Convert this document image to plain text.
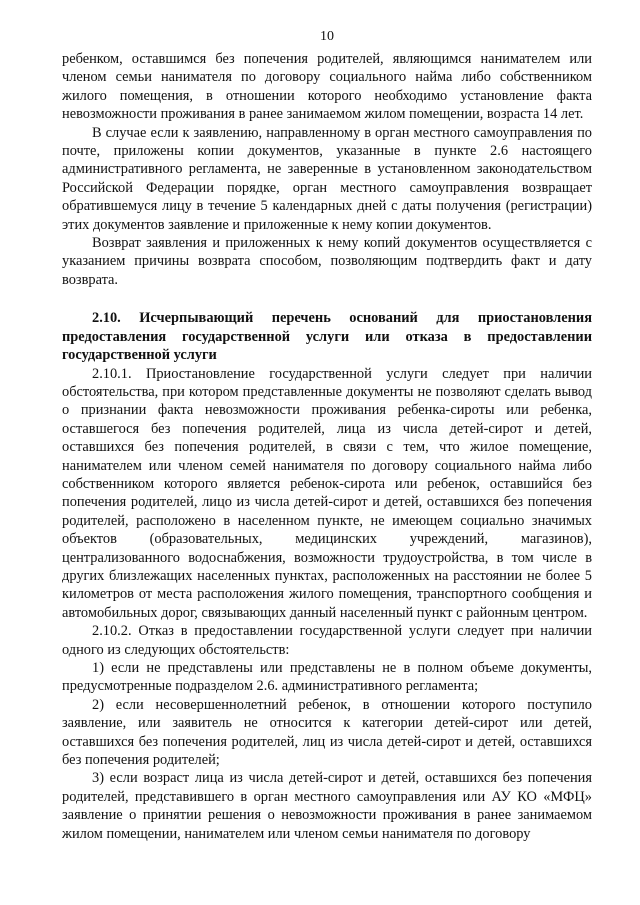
10

ребенком, оставшимся без попечения родителей, являющимся нанимателем или членом семьи нанимателя по договору социального найма либо собственником жилого помещения, в отношении которого необходимо установление факта невозможности проживания в ранее занимаемом жилом помещении, возраста 14 лет.

В случае если к заявлению, направленному в орган местного самоуправления по почте, приложены копии документов, указанные в пункте 2.6 настоящего административного регламента, не заверенные в установленном законодательством Российской Федерации порядке, орган местного самоуправления возвращает обратившемуся лицу в течение 5 календарных дней с даты получения (регистрации) этих документов заявление и приложенные к нему копии документов.

Возврат заявления и приложенных к нему копий документов осуществляется с указанием причины возврата способом, позволяющим подтвердить факт и дату возврата.

2.10. Исчерпывающий перечень оснований для приостановления предоставления государственной услуги или отказа в предоставлении государственной услуги

2.10.1. Приостановление государственной услуги следует при наличии обстоятельства, при котором представленные документы не позволяют сделать вывод о признании факта невозможности проживания ребенка-сироты или ребенка, оставшегося без попечения родителей, лица из числа детей-сирот и детей, оставшихся без попечения родителей, в связи с тем, что жилое помещение, нанимателем или членом семей нанимателя по договору социального найма либо собственником которого является ребенок-сирота или ребенок, оставшийся без попечения родителей, лицо из числа детей-сирот и детей, оставшихся без попечения родителей, расположено в населенном пункте, не имеющем социально значимых объектов (образовательных, медицинских учреждений, магазинов), централизованного водоснабжения, возможности трудоустройства, в том числе в других близлежащих населенных пунктах, расположенных на расстоянии не более 5 километров от места расположения жилого помещения, транспортного сообщения и автомобильных дорог, связывающих данный населенный пункт с районным центром.

2.10.2. Отказ в предоставлении государственной услуги следует при наличии одного из следующих обстоятельств:

1) если не представлены или представлены не в полном объеме документы, предусмотренные подразделом 2.6. административного регламента;

2) если несовершеннолетний ребенок, в отношении которого поступило заявление, или заявитель не относится к категории детей-сирот или детей, оставшихся без попечения родителей, лиц из числа детей-сирот и детей, оставшихся без попечения родителей;

3) если возраст лица из числа детей-сирот и детей, оставшихся без попечения родителей, представившего в орган местного самоуправления или АУ КО «МФЦ» заявление о принятии решения о невозможности проживания в ранее занимаемом жилом помещении, нанимателем или членом семьи нанимателя по договору
